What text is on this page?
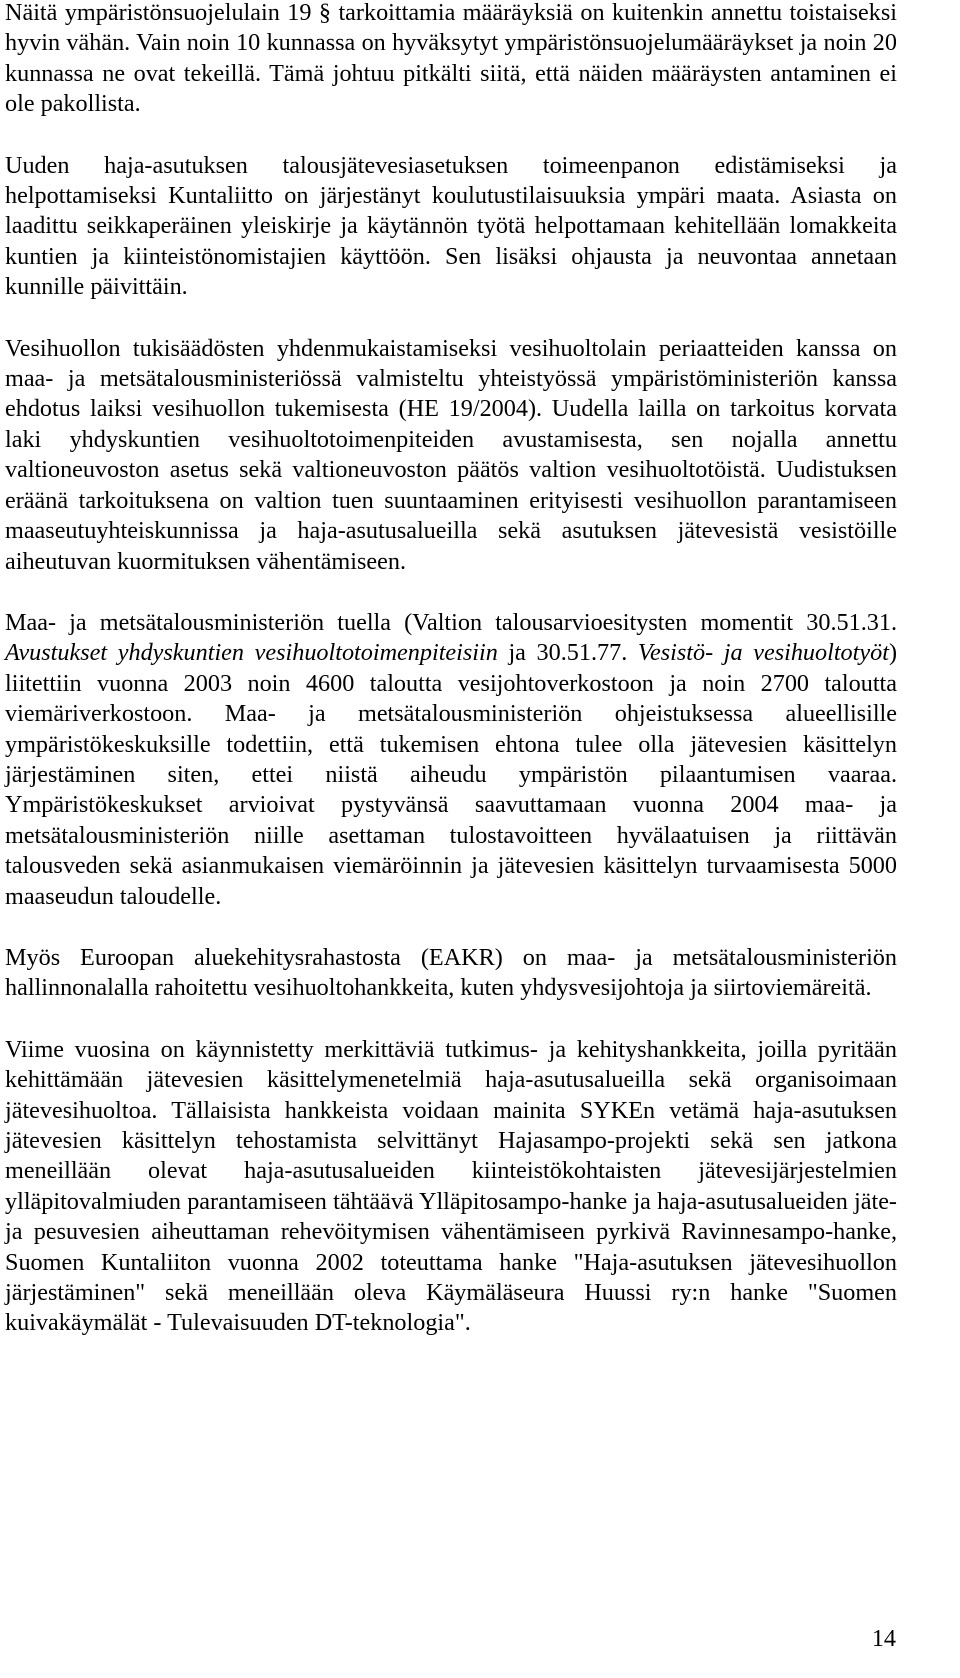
Näitä ympäristönsuojelulain 19 § tarkoittamia määräyksiä on kuitenkin annettu toistaiseksi hyvin vähän. Vain noin 10 kunnassa on hyväksytyt ympäristönsuojelumääräykset ja noin 20 kunnassa ne ovat tekeillä. Tämä johtuu pitkälti siitä, että näiden määräysten antaminen ei ole pakollista.

Uuden haja-asutuksen talousjätevesiasetuksen toimeenpanon edistämiseksi ja helpottamiseksi Kuntaliitto on järjestänyt koulutustilaisuuksia ympäri maata. Asiasta on laadittu seikkaperäinen yleiskirje ja käytännön työtä helpottamaan kehitellään lomakkeita kuntien ja kiinteistönomistajien käyttöön. Sen lisäksi ohjausta ja neuvontaa annetaan kunnille päivittäin.

Vesihuollon tukisäädösten yhdenmukaistamiseksi vesihuoltolain periaatteiden kanssa on maa- ja metsätalousministeriössä valmisteltu yhteistyössä ympäristöministeriön kanssa ehdotus laiksi vesihuollon tukemisesta (HE 19/2004). Uudella lailla on tarkoitus korvata laki yhdyskuntien vesihuoltotoimenpiteiden avustamisesta, sen nojalla annettu valtioneuvoston asetus sekä valtioneuvoston päätös valtion vesihuoltotöistä. Uudistuksen eräänä tarkoituksena on valtion tuen suuntaaminen erityisesti vesihuollon parantamiseen maaseutuyhteiskunnissa ja haja-asutusalueilla sekä asutuksen jätevesistä vesistöille aiheutuvan kuormituksen vähentämiseen.

Maa- ja metsätalousministeriön tuella (Valtion talousarvioesitysten momentit 30.51.31. Avustukset yhdyskuntien vesihuoltotoimenpiteisiin ja 30.51.77. Vesistö- ja vesihuoltotyöt) liitettiin vuonna 2003 noin 4600 taloutta vesijohtoverkostoon ja noin 2700 taloutta viemäriverkostoon. Maa- ja metsätalousministeriön ohjeistuksessa alueellisille ympäristökeskuksille todettiin, että tukemisen ehtona tulee olla jätevesien käsittelyn järjestäminen siten, ettei niistä aiheudu ympäristön pilaantumisen vaaraa. Ympäristökeskukset arvioivat pystyvänsä saavuttamaan vuonna 2004 maa- ja metsätalousministeriön niille asettaman tulostavoitteen hyvälaatuisen ja riittävän talousveden sekä asianmukaisen viemäröinnin ja jätevesien käsittelyn turvaamisesta 5000 maaseudun taloudelle.

Myös Euroopan aluekehitysrahastosta (EAKR) on maa- ja metsätalousministeriön hallinnonalalla rahoitettu vesihuoltohankkeita, kuten yhdysvesijohtoja ja siirtoviemäreitä.

Viime vuosina on käynnistetty merkittäviä tutkimus- ja kehityshankkeita, joilla pyritään kehittämään jätevesien käsittelymenetelmiä haja-asutusalueilla sekä organisoimaan jätevesihuoltoa. Tällaisista hankkeista voidaan mainita SYKEn vetämä haja-asutuksen jätevesien käsittelyn tehostamista selvittänyt Hajasampo-projekti sekä sen jatkona meneillään olevat haja-asutusalueiden kiinteistökohtaisten jätevesijärjestelmien ylläpitovalmiuden parantamiseen tähtäävä Ylläpitosampo-hanke ja haja-asutusalueiden jäte- ja pesuvesien aiheuttaman rehevöitymisen vähentämiseen pyrkivä Ravinnesampo-hanke, Suomen Kuntaliiton vuonna 2002 toteuttama hanke "Haja-asutuksen jätevesihuollon järjestäminen" sekä meneillään oleva Käymäläseura Huussi ry:n hanke "Suomen kuivakäymälät - Tulevaisuuden DT-teknologia".

14
